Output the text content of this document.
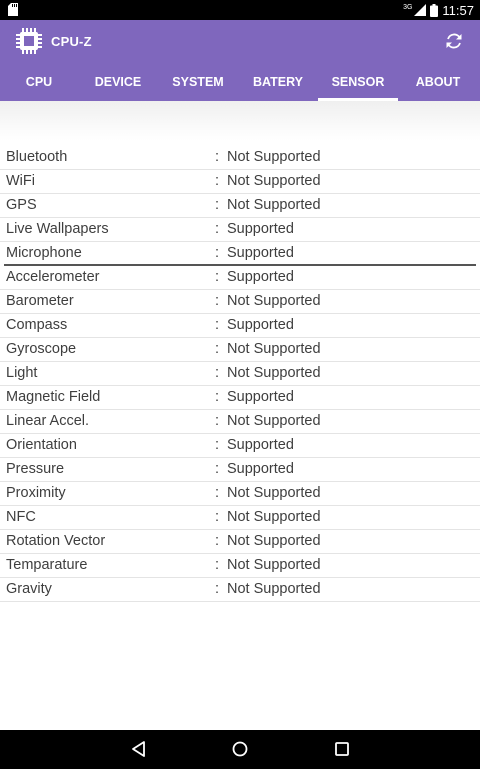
3G 11:57
CPU-Z
CPU	DEVICE	SYSTEM	BATERY	SENSOR	ABOUT
Bluetooth	: Not Supported
WiFi	: Not Supported
GPS	: Not Supported
Live Wallpapers	: Supported
Microphone	: Supported
Accelerometer	: Supported
Barometer	: Not Supported
Compass	: Supported
Gyroscope	: Not Supported
Light	: Not Supported
Magnetic Field	: Supported
Linear Accel.	: Not Supported
Orientation	: Supported
Pressure	: Supported
Proximity	: Not Supported
NFC	: Not Supported
Rotation Vector	: Not Supported
Temparature	: Not Supported
Gravity	: Not Supported
